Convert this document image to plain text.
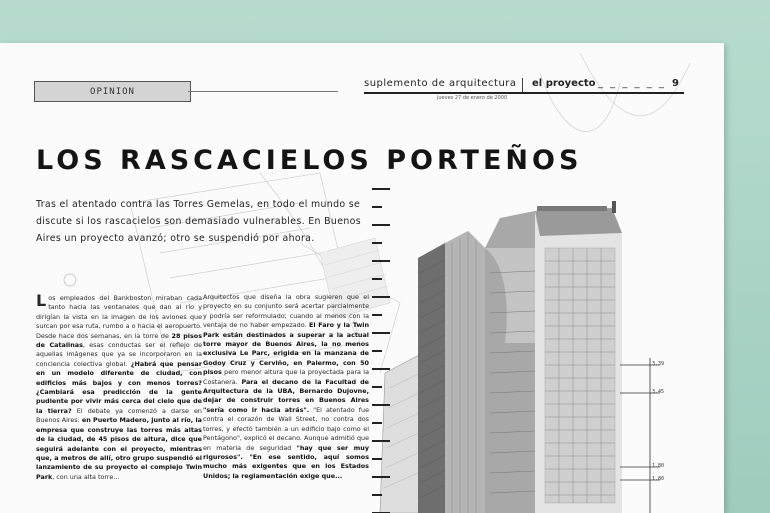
OPINION
suplemento de arquitectura el proyecto _ _ _ _ _ _ 9
jueves 27 de enero de 2000
LOS RASCACIELOS PORTEÑOS
Tras el atentado contra las Torres Gemelas, en todo el mundo se discute si los rascacielos son demasiado vulnerables. En Buenos Aires un proyecto avanzó; otro se suspendió por ahora.
Los empleados del Bankboston miraban cada tanto hacia las ventanales que dan al río y dirigían la vista en la imagen de los aviones que surcan por esa ruta, rumbo a o hacia el aeropuerto. Desde hace dos semanas, en la torre de 28 pisos de Catalinas, esas conductas ser el reflejo de aquellas imágenes que ya se incorporaron en la conciencia colectiva global. ¿Habrá que pensar en un modelo diferente de ciudad, con edificios más bajos y con menos torres? ¿Cambiará esa predicción de la gente pudiente por vivir más cerca del cielo que de la tierra? El debate ya comenzó a darse en Buenos Aires: en Puerto Madero, junto al río, la empresa que construye las torres más altas de la ciudad, de 45 pisos de altura, dice que seguirá adelante con el proyecto, mientras que, a metros de allí, otro grupo suspendió el lanzamiento de su proyecto el complejo Twin Park, con una alta torre...
Arquitectos que diseña la obra sugieren que el proyecto en su conjunto será acertar parcialmente y podría ser reformulado; cuando al menos con la ventaja de no haber empezado. El Faro y la Twin Park están destinados a superar a la actual torre mayor de Buenos Aires, la no menos exclusiva Le Parc, erigida en la manzana de Godoy Cruz y Cerviño, en Palermo, con 50 pisos pero menor altura que la proyectada para la Costanera. Para el decano de la Facultad de Arquitectura de la UBA, Bernardo Dujovne, dejar de construir torres en Buenos Aires "sería como ir hacia atrás". "El atentado fue contra el corazón de Wall Street, no contra dos torres, y efectó también a un edificio bajo como el Pentágono", explicó el decano. Aunque admitió que en materia de seguridad "hay que ser muy rigurosos". "En ese sentido, aquí somos mucho más exigentes que en los Estados Unidos; la reglamentación exige que...
3.39
3.45
1.80
1.80
